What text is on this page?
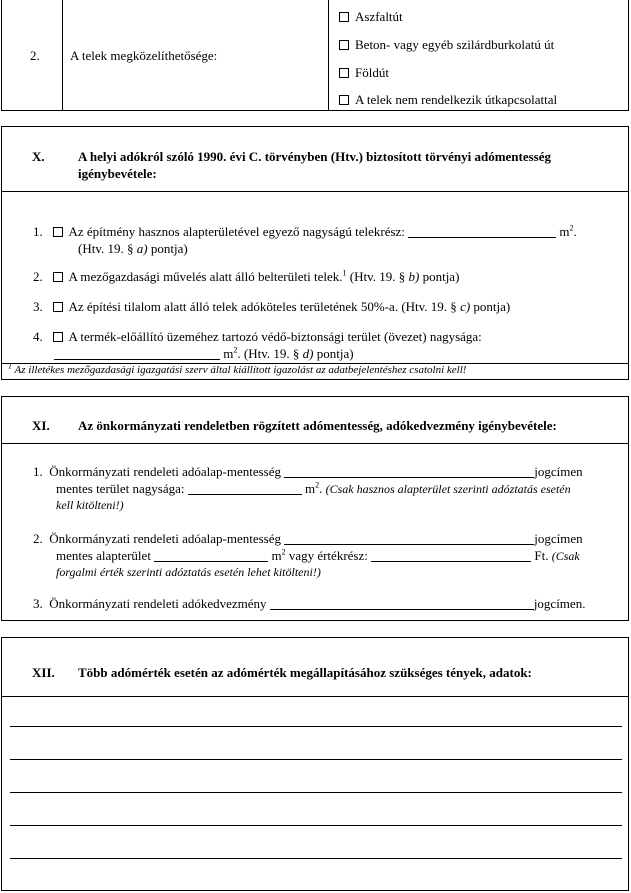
2. A telek megközelíthetősége:
Aszfaltút
Beton- vagy egyéb szilárdburkolatú út
Földút
A telek nem rendelkezik útkapcsolattal
X.	A helyi adókról szóló 1990. évi C. törvényben (Htv.) biztosított törvényi adómentesség
igénybevétele:
1. Az építmény hasznos alapterületével egyező nagyságú telekrész:	$m^2$.
(Htv. 19. § a) pontja)
2. A mezőgazdasági művelés alatt álló belterületi telek.$^1$ (Htv. 19. § b) pontja)
3. Az építési tilalom alatt álló telek adóköteles területének 50%-a. (Htv. 19. § c) pontja)
4. A termék-előállító üzeméhez tartozó védő-biztonsági terület (övezet) nagysága:
$m^2$. (Htv. 19. § d) pontja)
$^1$ Az illetékes mezőgazdasági igazgatási szerv által kiállított igazolást az adatbejelentéshez csatolni kell!
XI. Az önkormányzati rendeletben rögzített adómentesség, adókedvezmény igénybevétele:
1. Önkormányzati rendeleti adóalap-mentesség	jogcímen
mentes terület nagysága:	$m^2$. (Csak hasznos alapterület szerinti adóztatás esetén
kell kitölteni!)
2. Önkormányzati rendeleti adóalap-mentesség	jogcímen
mentes alapterület	$m^2$ vagy értékrész:	Ft. (Csak
forgalmi érték szerinti adóztatás esetén lehet kitölteni!)
3. Önkormányzati rendeleti adókedvezmény	jogcímen.
XII. Több adómérték esetén az adómérték megállapításához szükséges tények, adatok:
